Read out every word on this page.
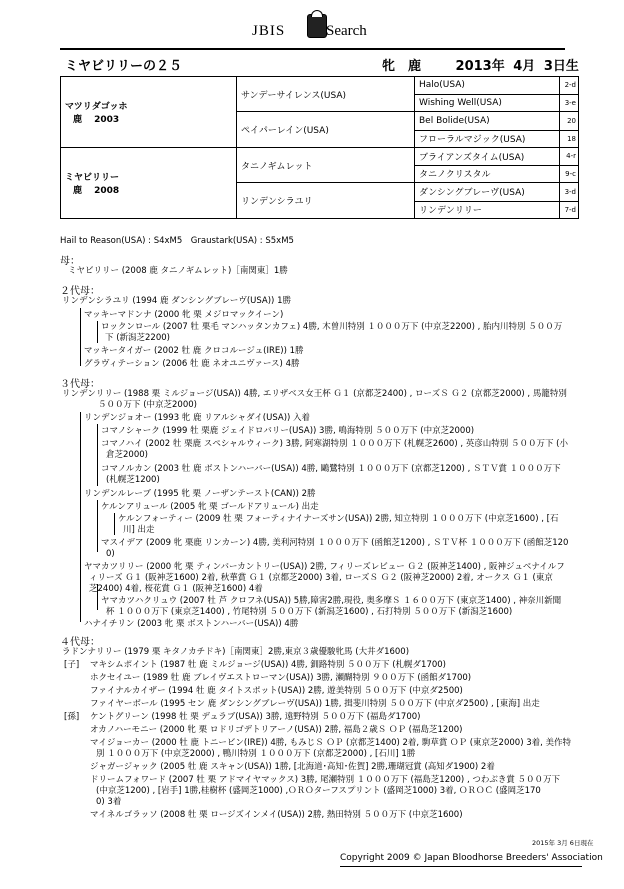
JBIS	Search
ミヤビリリーの２５	牝　鹿　　	2013年 4月 3日生
マツリダゴッホ
鹿　 2003	サンデーサイレンス(USA)	Halo(USA)	2-d
		Wishing Well(USA)	3-e
	ペイパーレイン(USA)	Bel Bolide(USA)	20
		フローラルマジック(USA)	18
ミヤビリリー
鹿　 2008	タニノギムレット	ブライアンズタイム(USA)	4-r
		タニノクリスタル	9-c
	リンデンシラユリ	ダンシングブレーヴ(USA)	3-d
		リンデンリリー	7-d
Hail to Reason(USA) : S4xM5　Graustark(USA) : S5xM5
母：
ミヤビリリー (2008 鹿 タニノギムレット)［南関東］1勝
２代母：
リンデンシラユリ (1994 鹿 ダンシングブレーヴ(USA)) 1勝
マッキーマドンナ (2000 牝 栗 メジロマックイーン)
ロックンロール (2007 牡 栗毛 マンハッタンカフェ) 4勝, 木曽川特別 １０００万下 (中京芝2200) , 胎内川特別 ５００万
下 (新潟芝2200)
マッキータイガー (2002 牡 鹿 クロコルージュ(IRE)) 1勝
グラヴィテーション (2006 牡 鹿 ネオユニヴァース) 4勝
３代母：
リンデンリリー (1988 栗 ミルジョージ(USA)) 4勝, エリザベス女王杯 Ｇ１ (京都芝2400) , ローズＳ Ｇ２ (京都芝2000) , 馬籠特別
５００万下 (中京芝2000)
リンデンジョオー (1993 牝 鹿 リアルシャダイ(USA)) 入着
コマノシャーク (1999 牡 栗鹿 ジェイドロバリー(USA)) 3勝, 鳴海特別 ５００万下 (中京芝2000)
コマノハイ (2002 牡 栗鹿 スペシャルウィーク) 3勝, 阿寒湖特別 １０００万下 (札幌芝2600) , 英彦山特別 ５００万下 (小
倉芝2000)
コマノルカン (2003 牡 鹿 ボストンハーバー(USA)) 4勝, 鷗鷺特別 １０００万下 (京都芝1200) , ＳＴＶ賞 １０００万下
(札幌芝1200)
リンデンルレーブ (1995 牝 栗 ノーザンテースト(CAN)) 2勝
ケルンアリュール (2005 牝 栗 ゴールドアリュール) 出走
ケルンフォーティー (2009 牡 栗 フォーティナイナーズサン(USA)) 2勝, 知立特別 １０００万下 (中京芝1600) , [石
川] 出走
マスイデア (2009 牝 栗鹿 リンカーン) 4勝, 美利河特別 １０００万下 (函館芝1200) , ＳＴＶ杯 １０００万下 (函館芝120
0)
ヤマカツリリー (2000 牝 栗 ティンバーカントリー(USA)) 2勝, フィリーズレビュー Ｇ２ (阪神芝1400) , 阪神ジュベナイルフ
ィリーズ Ｇ１ (阪神芝1600) 2着, 秋華賞 Ｇ１ (京都芝2000) 3着, ローズＳ Ｇ２ (阪神芝2000) 2着, オークス Ｇ１ (東京
芝2400) 4着, 桜花賞 Ｇ１ (阪神芝1600) 4着
ヤマカツハクリュウ (2007 牡 芦 クロフネ(USA)) 5勝,障害2勝,現役, 奥多摩Ｓ １６００万下 (東京芝1400) , 神奈川新聞
杯 １０００万下 (東京芝1400) , 竹尾特別 ５００万下 (新潟芝1600) , 石打特別 ５００万下 (新潟芝1600)
ハナイチリン (2003 牝 栗 ボストンハーバー(USA)) 4勝
４代母：
ラドンナリリー (1979 栗 キタノカチドキ)［南関東］2勝,東京３歳優駿牝馬 (大井ダ1600)
[子] マキシムポイント (1987 牡 鹿 ミルジョージ(USA)) 4勝, 釧路特別 ５００万下 (札幌ダ1700)
ホクセイユー (1989 牡 鹿 ブレイヴエストローマン(USA)) 3勝, 瀬醐特別 ９００万下 (函館ダ1700)
ファイナルカイザー (1994 牡 鹿 タイトスポット(USA)) 2勝, 遊美特別 ５００万下 (中京ダ2500)
ファイヤーボール (1995 セン 鹿 ダンシングブレーヴ(USA)) 1勝, 揖斐川特別 ５００万下 (中京ダ2500) , [東海] 出走
[孫] ケントグリーン (1998 牡 栗 デュラブ(USA)) 3勝, 遠野特別 ５００万下 (福島ダ1700)
オカノハーモニー (2000 牝 栗 ロドリゴデトリアーノ(USA)) 2勝, 福島２歳Ｓ ＯＰ (福島芝1200)
マイジョーカー (2000 牡 鹿 トニービン(IRE)) 4勝, もみじＳ ＯＰ (京都芝1400) 2着, 駒草賞 ＯＰ (東京芝2000) 3着, 美作特
別 １０００万下 (中京芝2000) , 鴨川特別 １０００万下 (京都芝2000) , [石川] 1勝
ジャガージャック (2005 牡 鹿 スキャン(USA)) 1勝, [北海道･高知･佐賀] 2勝,珊瑚冠賞 (高知ダ1900) 2着
ドリームフォワード (2007 牡 栗 アドマイヤマックス) 3勝, 尾瀬特別 １０００万下 (福島芝1200) , つわぶき賞 ５００万下
(中京芝1200) , [岩手] 1勝,桂樹杯 (盛岡芝1000) ,ＯＲＯターフスプリント (盛岡芝1000) 3着, ＯＲＯＣ (盛岡芝170
0) 3着
マイネルゴラッソ (2008 牡 栗 ロージズインメイ(USA)) 2勝, 熱田特別 ５００万下 (中京芝1600)
2015年 3月 6日現在
Copyright 2009 © Japan Bloodhorse Breeders' Association
